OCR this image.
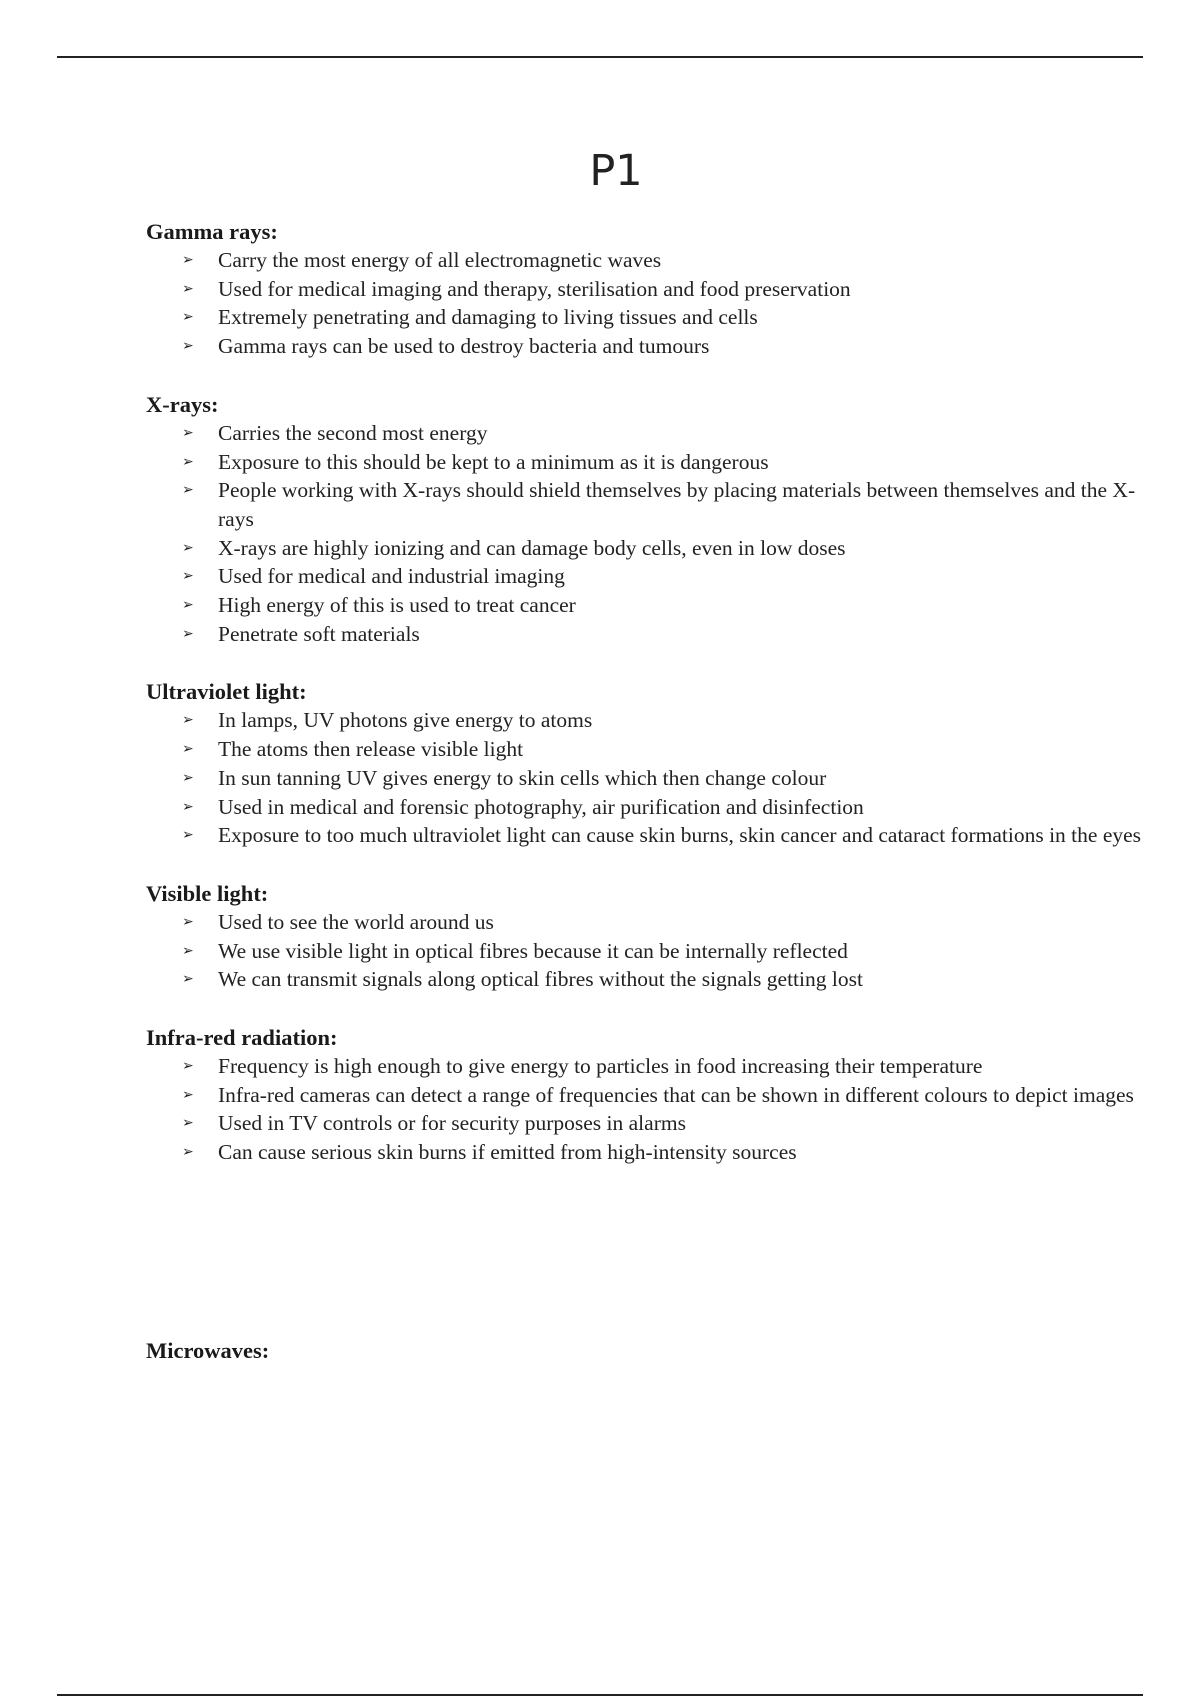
P1

Gamma rays:

➢ Carry the most energy of all electromagnetic waves
➢ Used for medical imaging and therapy, sterilisation and food preservation
➢ Extremely penetrating and damaging to living tissues and cells
➢ Gamma rays can be used to destroy bacteria and tumours

X-rays:

➢ Carries the second most energy
➢ Exposure to this should be kept to a minimum as it is dangerous
➢ People working with X-rays should shield themselves by placing materials between themselves and the X-rays
➢ X-rays are highly ionizing and can damage body cells, even in low doses
➢ Used for medical and industrial imaging
➢ High energy of this is used to treat cancer
➢ Penetrate soft materials

Ultraviolet light:

➢ In lamps, UV photons give energy to atoms
➢ The atoms then release visible light
➢ In sun tanning UV gives energy to skin cells which then change colour
➢ Used in medical and forensic photography, air purification and disinfection
➢ Exposure to too much ultraviolet light can cause skin burns, skin cancer and cataract formations in the eyes

Visible light:

➢ Used to see the world around us
➢ We use visible light in optical fibres because it can be internally reflected
➢ We can transmit signals along optical fibres without the signals getting lost

Infra-red radiation:

➢ Frequency is high enough to give energy to particles in food increasing their temperature
➢ Infra-red cameras can detect a range of frequencies that can be shown in different colours to depict images
➢ Used in TV controls or for security purposes in alarms
➢ Can cause serious skin burns if emitted from high-intensity sources

Microwaves:
